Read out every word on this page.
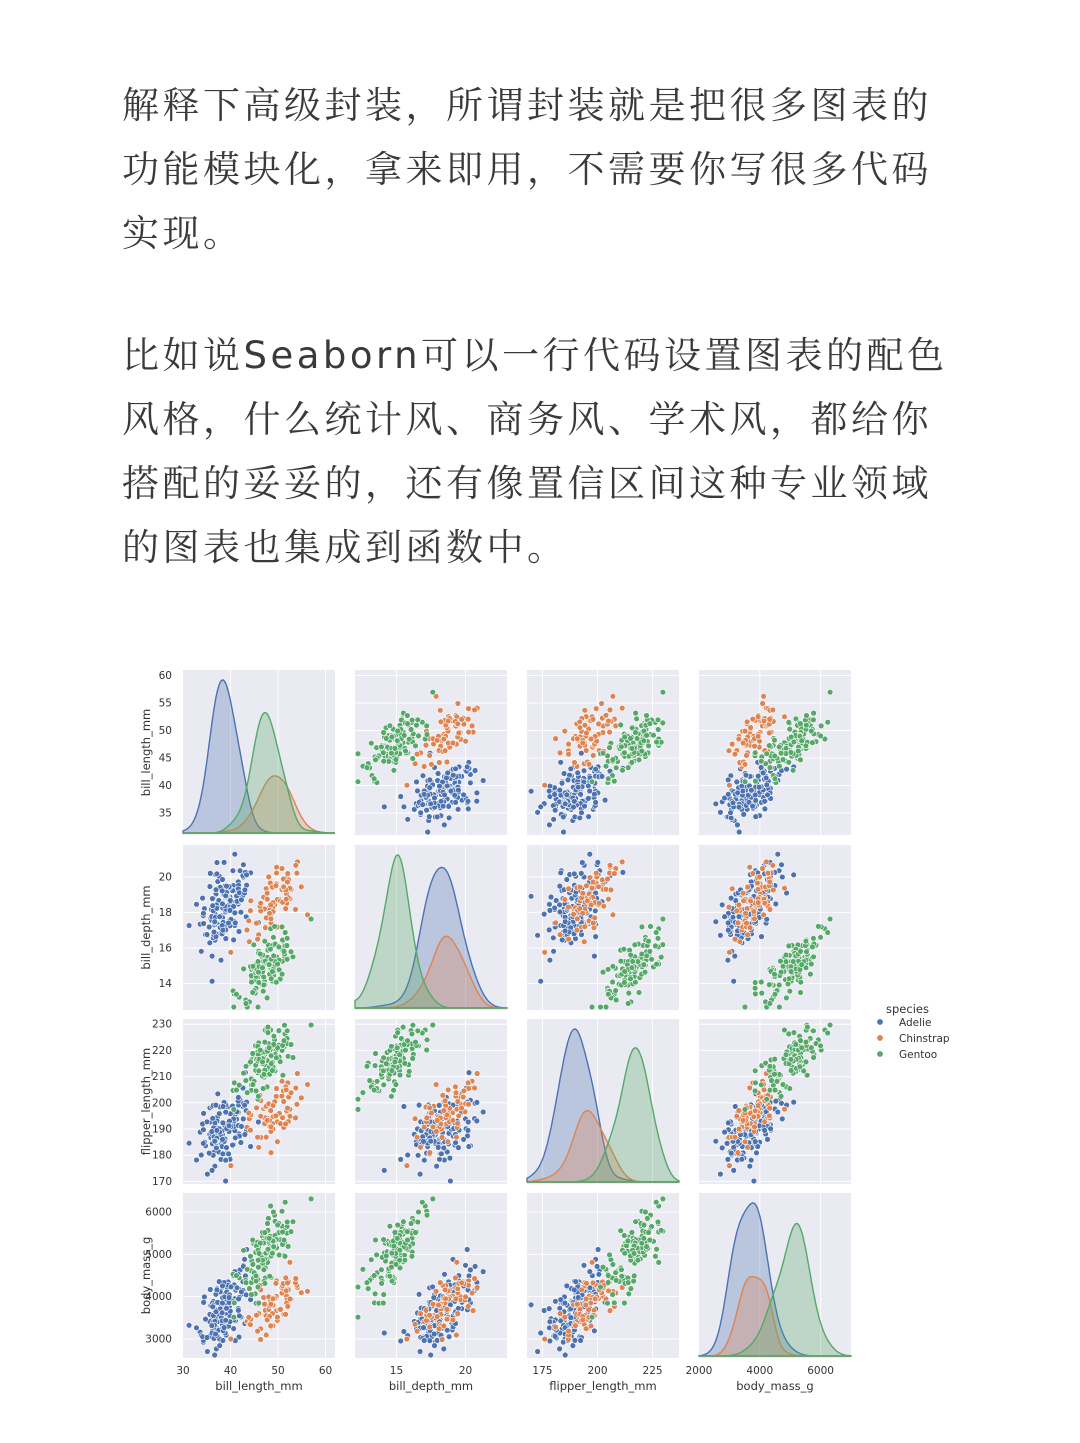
解释下高级封装，所谓封装就是把很多图表的功能模块化，拿来即用，不需要你写很多代码实现。

比如说Seaborn可以一行代码设置图表的配色风格，什么统计风、商务风、学术风，都给你搭配的妥妥的，还有像置信区间这种专业领域的图表也集成到函数中。

35
40
45
50
55
60
bill_length_mm
14
16
18
20
bill_depth_mm
170
180
190
200
210
220
230
flipper_length_mm
3000
4000
5000
6000
body_mass_g
30	40	50	60
bill_length_mm
15	20
bill_depth_mm
175	200	225
flipper_length_mm
2000	4000	6000
body_mass_g
species
Adelie
Chinstrap
Gentoo
